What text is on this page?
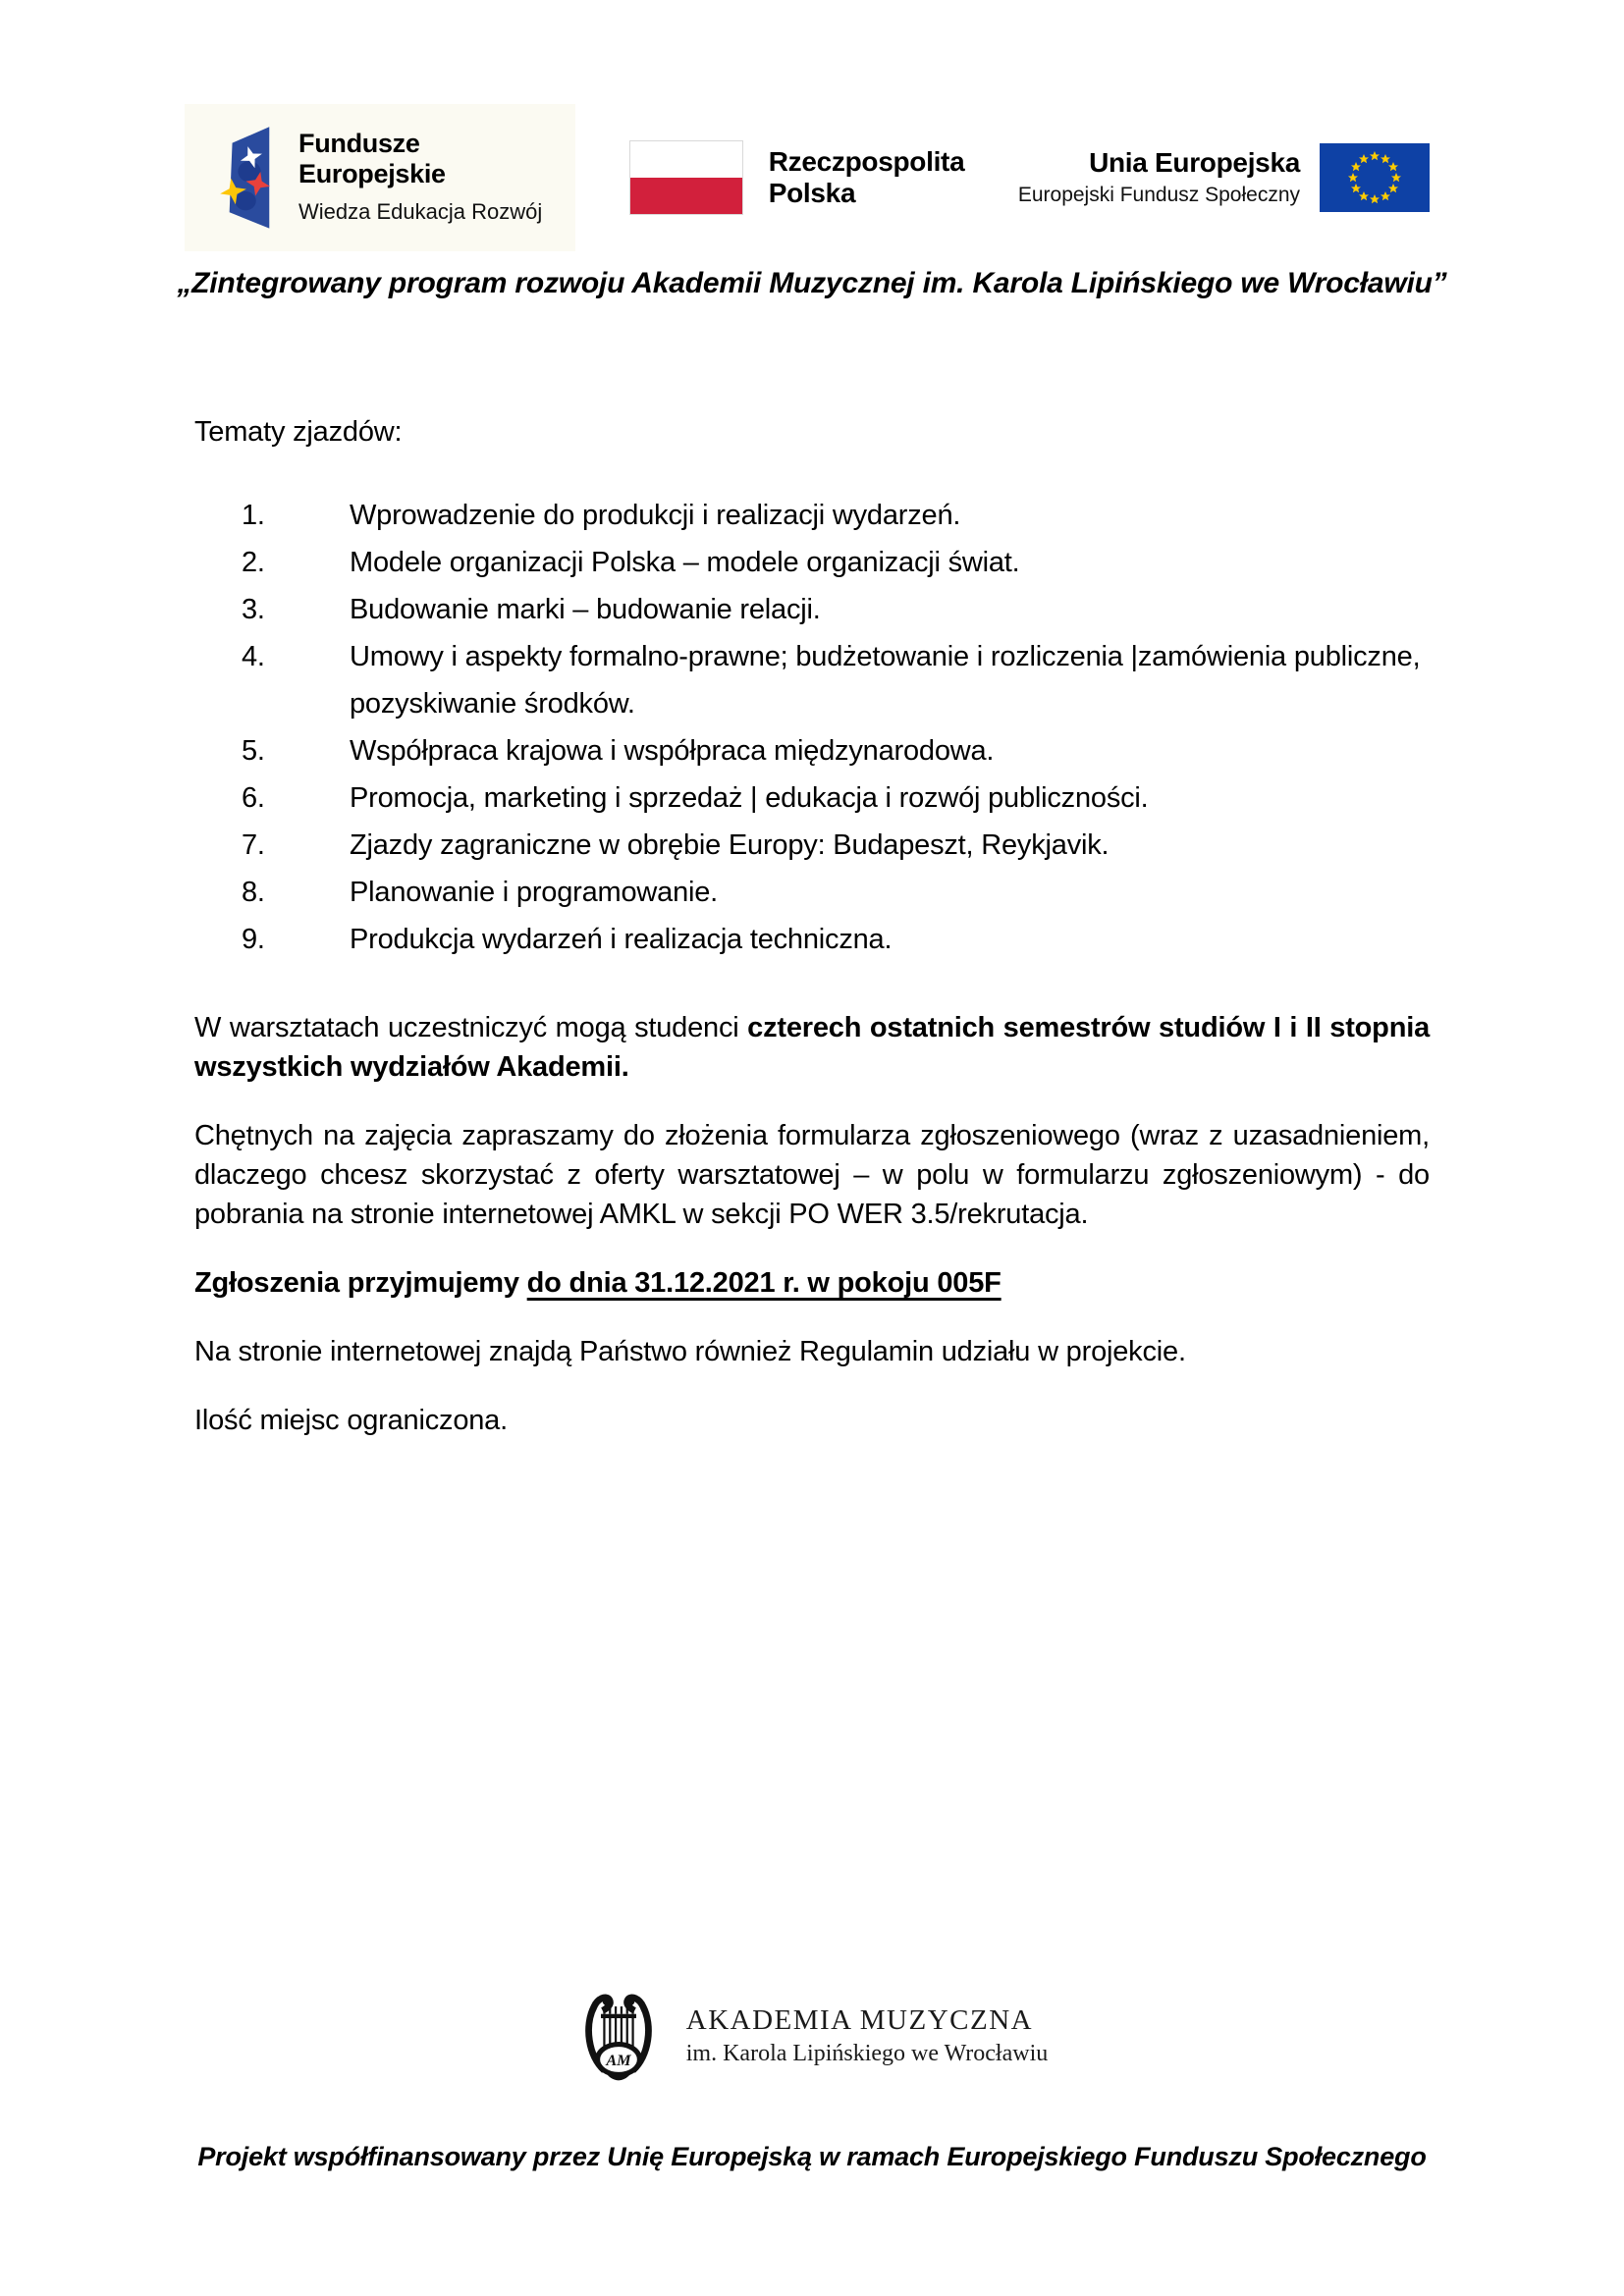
Fundusze
Europejskie
Wiedza Edukacja Rozwój
Rzeczpospolita
Polska
Unia Europejska
Europejski Fundusz Społeczny
„Zintegrowany program rozwoju Akademii Muzycznej im. Karola Lipińskiego we Wrocławiu”

Tematy zjazdów:

1.	Wprowadzenie do produkcji i realizacji wydarzeń.
2.	Modele organizacji Polska – modele organizacji świat.
3.	Budowanie marki – budowanie relacji.
4.	Umowy i aspekty formalno-prawne; budżetowanie i rozliczenia |zamówienia publiczne, pozyskiwanie środków.
5.	Współpraca krajowa i współpraca międzynarodowa.
6.	Promocja, marketing i sprzedaż | edukacja i rozwój publiczności.
7.	Zjazdy zagraniczne w obrębie Europy: Budapeszt, Reykjavik.
8.	Planowanie i programowanie.
9.	Produkcja wydarzeń i realizacja techniczna.

W warsztatach uczestniczyć mogą studenci czterech ostatnich semestrów studiów I i II stopnia wszystkich wydziałów Akademii.

Chętnych na zajęcia zapraszamy do złożenia formularza zgłoszeniowego (wraz z uzasadnieniem, dlaczego chcesz skorzystać z oferty warsztatowej – w polu w formularzu zgłoszeniowym) - do pobrania na stronie internetowej AMKL w sekcji PO WER 3.5/rekrutacja.

Zgłoszenia przyjmujemy do dnia 31.12.2021 r. w pokoju 005F

Na stronie internetowej znajdą Państwo również Regulamin udziału w projekcie.

Ilość miejsc ograniczona.

AM
AKADEMIA MUZYCZNA
im. Karola Lipińskiego we Wrocławiu
Projekt współfinansowany przez Unię Europejską w ramach Europejskiego Funduszu Społecznego
